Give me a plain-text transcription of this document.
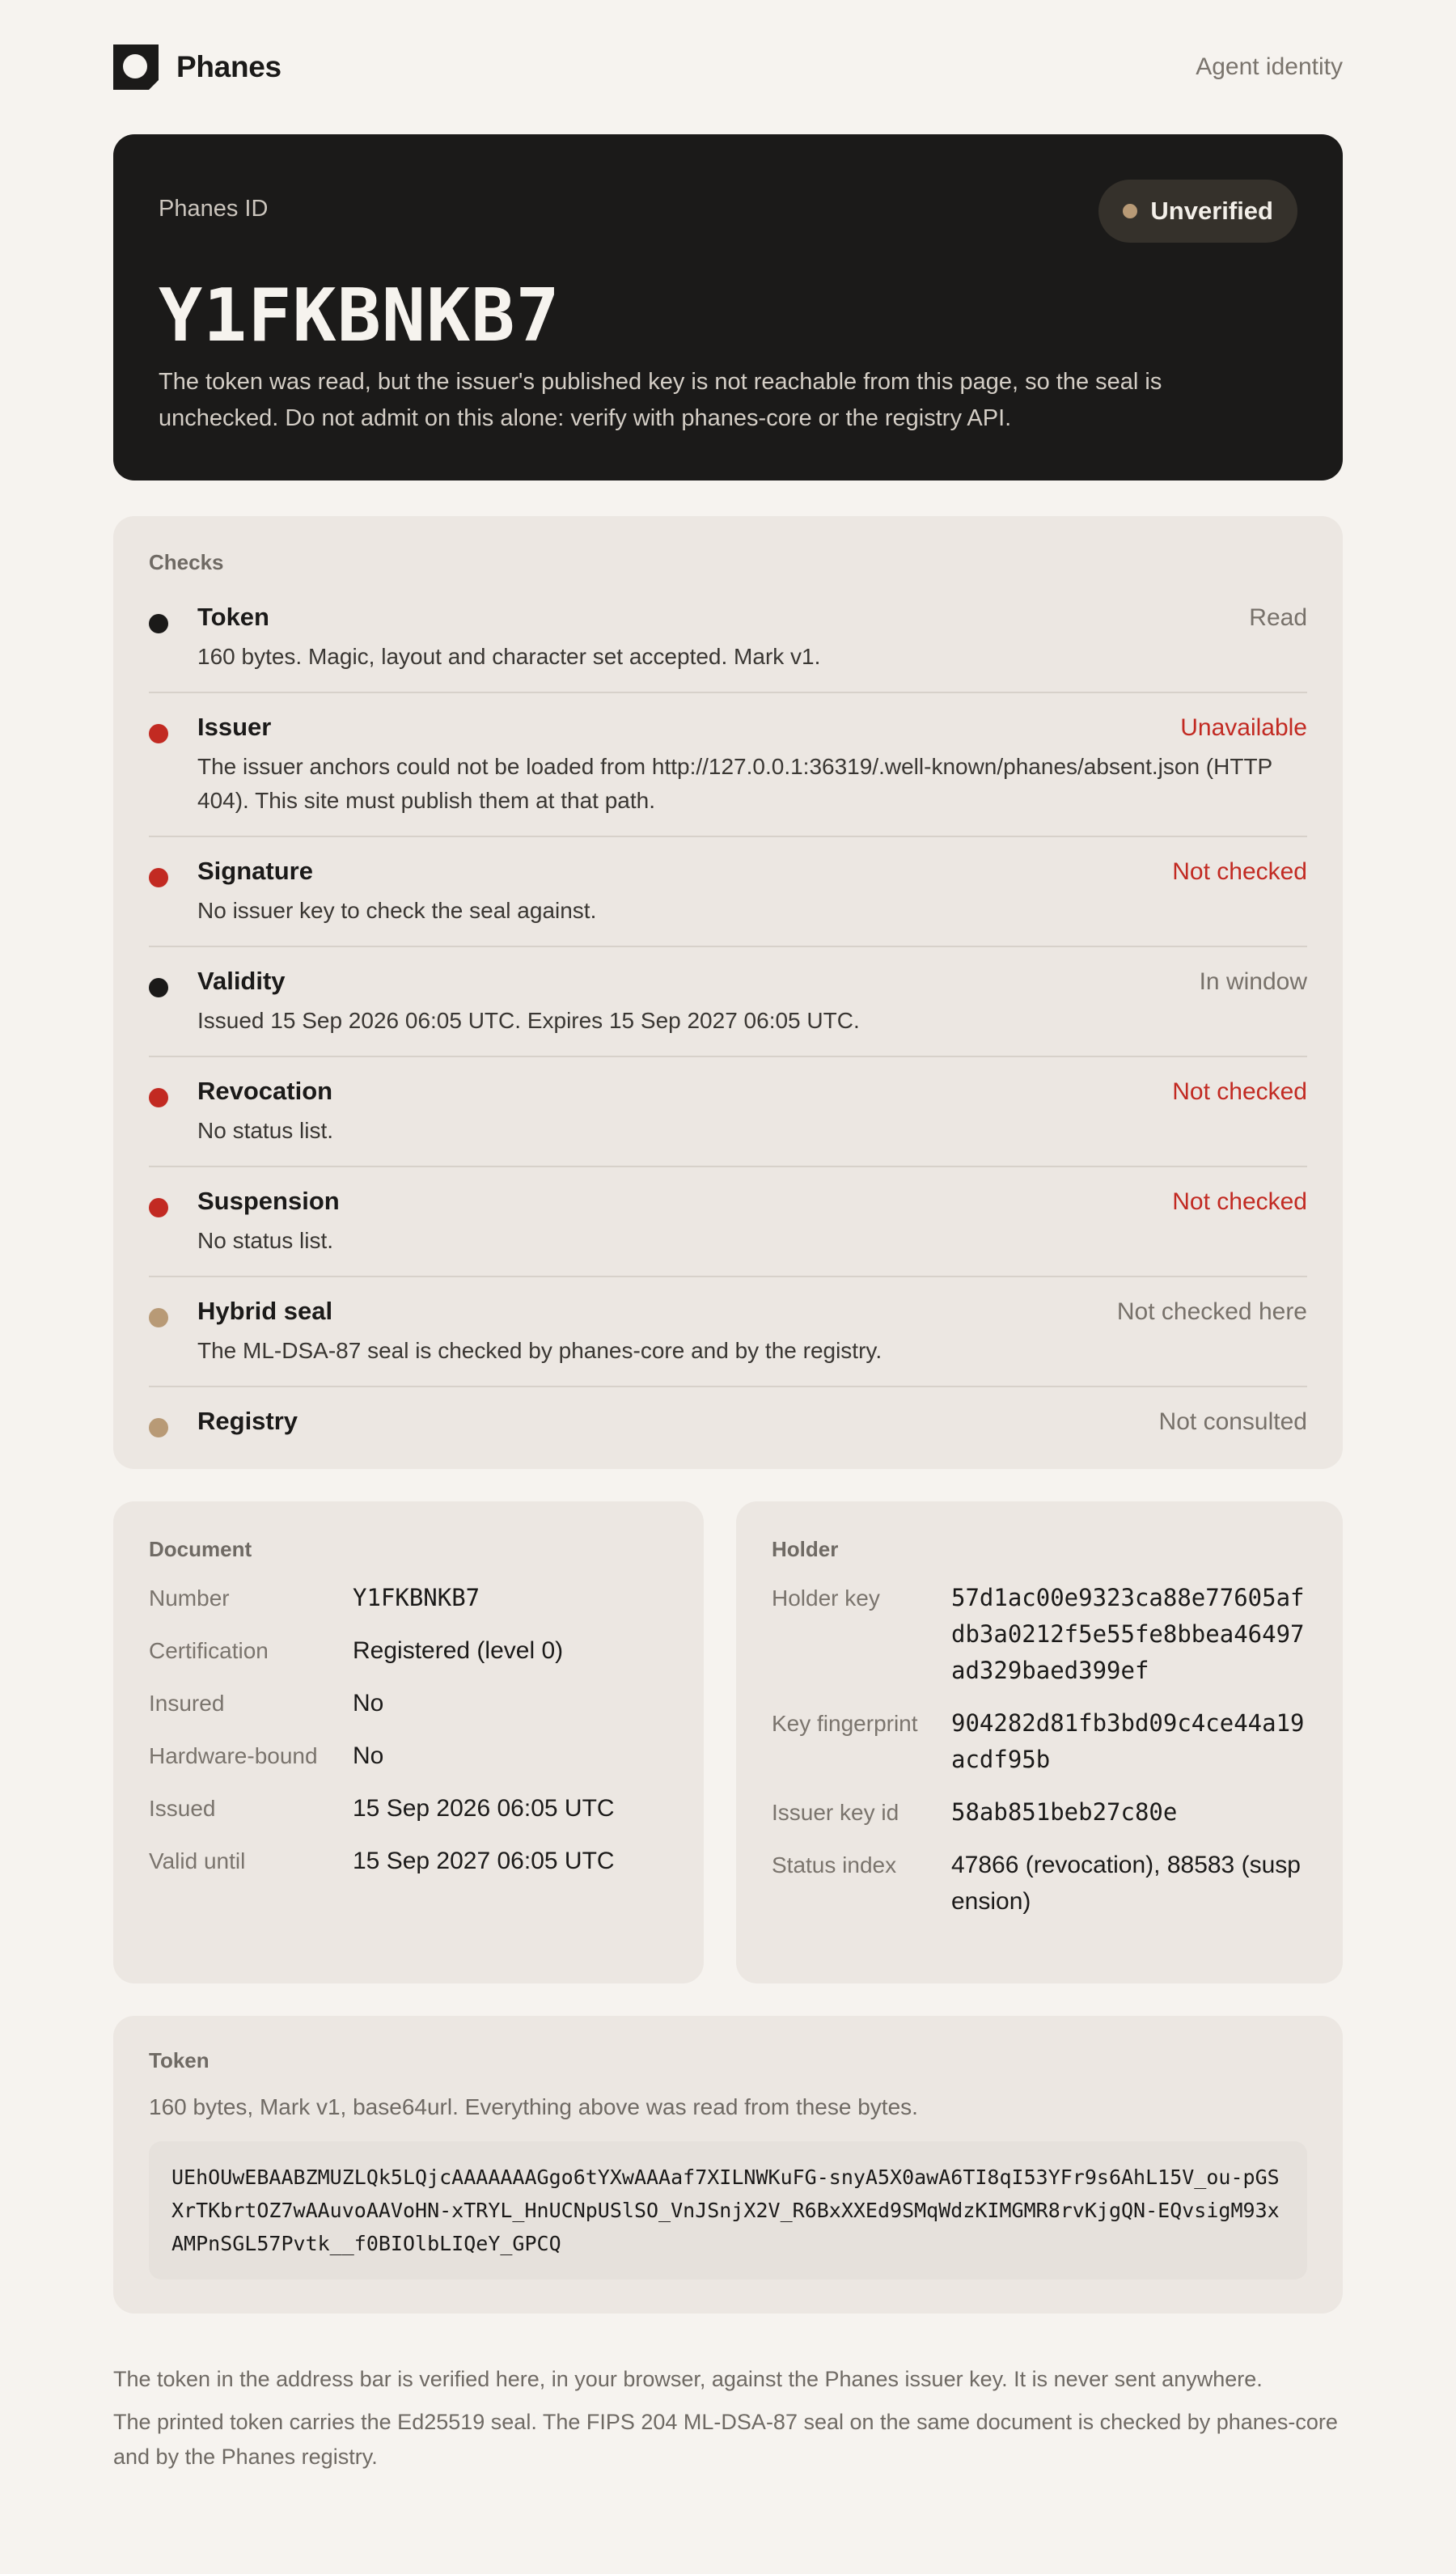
Phanes	Agent identity
Phanes ID	Unverified
Y1FKBNKB7

The token was read, but the issuer's published key is not reachable from this page, so the seal is unchecked. Do not admit on this alone: verify with phanes-core or the registry API.

Checks
Token	Read

160 bytes. Magic, layout and character set accepted. Mark v1.

Issuer	Unavailable

The issuer anchors could not be loaded from http://127.0.0.1:36319/.well-known/phanes/absent.json (HTTP 404). This site must publish them at that path.

Signature	Not checked

No issuer key to check the seal against.

Validity	In window

Issued 15 Sep 2026 06:05 UTC. Expires 15 Sep 2027 06:05 UTC.

Revocation	Not checked

No status list.

Suspension	Not checked

No status list.

Hybrid seal	Not checked here

The ML-DSA-87 seal is checked by phanes-core and by the registry.

Registry	Not consulted
Document
Number	Y1FKBNKB7
Certification	Registered (level 0)
Insured	No
Hardware-bound	No
Issued	15 Sep 2026 06:05 UTC
Valid until	15 Sep 2027 06:05 UTC
Holder
Holder key	57d1ac00e9323ca88e77605afdb3a0212f5e55fe8bbea46497ad329baed399ef
Key fingerprint	904282d81fb3bd09c4ce44a19acdf95b
Issuer key id	58ab851beb27c80e
Status index	47866 (revocation), 88583 (suspension)
Token

160 bytes, Mark v1, base64url. Everything above was read from these bytes.

UEhOUwEBAABZMUZLQk5LQjcAAAAAAAGgo6tYXwAAAaf7XILNWKuFG-snyA5X0awA6TI8qI53YFr9s6AhL15V_ou-pGSXrTKbrtOZ7wAAuvoAAVoHN-xTRYL_HnUCNpUSlSO_VnJSnjX2V_R6BxXXEd9SMqWdzKIMGMR8rvKjgQN-EQvsigM93xAMPnSGL57Pvtk__f0BIOlbLIQeY_GPCQ

The token in the address bar is verified here, in your browser, against the Phanes issuer key. It is never sent anywhere.

The printed token carries the Ed25519 seal. The FIPS 204 ML-DSA-87 seal on the same document is checked by phanes-core and by the Phanes registry.
